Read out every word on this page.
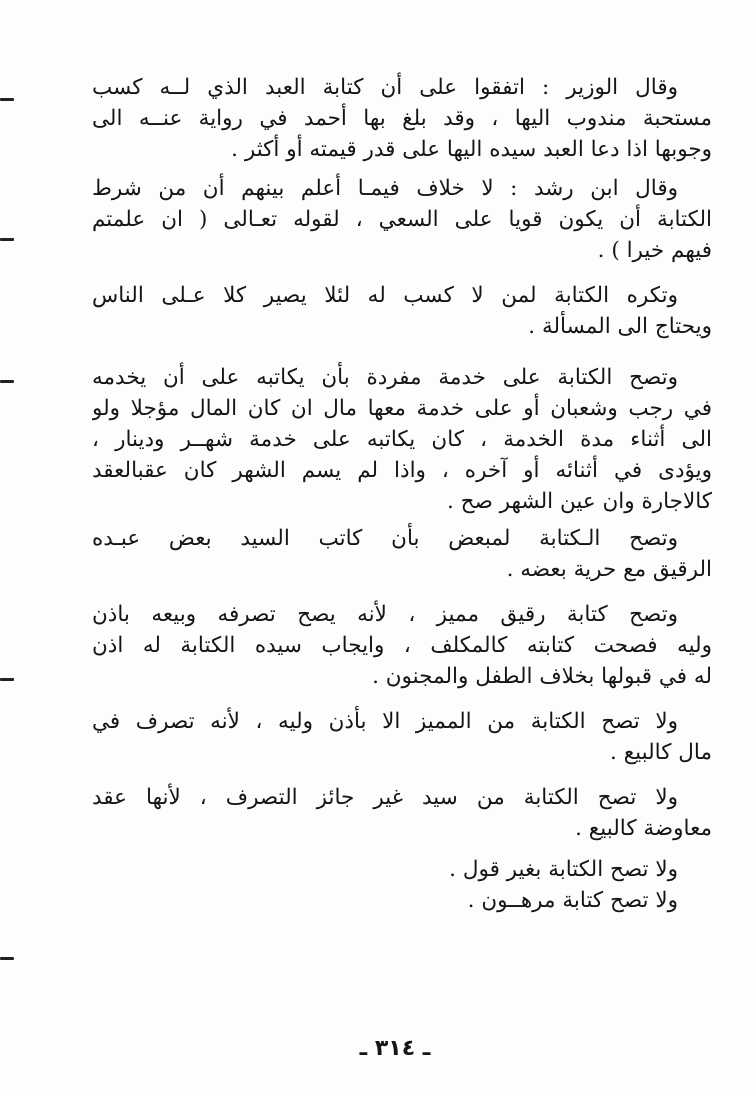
وقال الوزير : اتفقوا على أن كتابة العبد الذي لــه كسب
مستحبة مندوب اليها ، وقد بلغ بها أحمد في رواية عنــه الى
وجوبها اذا دعا العبد سيده اليها على قدر قيمته أو أكثر .
وقال ابن رشد : لا خلاف فيمـا أعلم بينهم أن من شرط
الكتابة أن يكون قويا على السعي ، لقوله تعـالى ( ان علمتم
فيهم خيرا ) .
وتكره الكتابة لمن لا كسب له لئلا يصير كلا عـلى الناس
ويحتاج الى المسألة .
وتصح الكتابة على خدمة مفردة بأن يكاتبه على أن يخدمه
في رجب وشعبان أو على خدمة معها مال ان كان المال مؤجلا ولو
الى أثناء مدة الخدمة ، كان يكاتبه على خدمة شهــر ودينار ،
ويؤدى في أثنائه أو آخره ، واذا لم يسم الشهر كان عقبالعقد
كالاجارة وان عين الشهر صح .
وتصح الـكتابة لمبعض بأن كاتب السيد بعض عبـده
الرقيق مع حرية بعضه .
وتصح كتابة رقيق مميز ، لأنه يصح تصرفه وبيعه باذن
وليه فصحت كتابته كالمكلف ، وايجاب سيده الكتابة له اذن
له في قبولها بخلاف الطفل والمجنون .
ولا تصح الكتابة من المميز الا بأذن وليه ، لأنه تصرف في
مال كالبيع .
ولا تصح الكتابة من سيد غير جائز التصرف ، لأنها عقد
معاوضة كالبيع .
ولا تصح الكتابة بغير قول .
ولا تصح كتابة مرهــون .
ـ ٣١٤ ـ
